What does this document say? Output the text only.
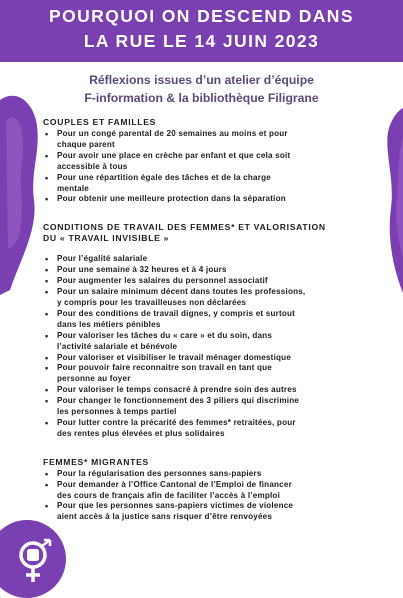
POURQUOI ON DESCEND DANS
LA RUE LE 14 JUIN 2023
Réflexions issues d’un atelier d’équipe
F-information & la bibliothèque Filigrane
COUPLES ET FAMILLES
• Pour un congé parental de 20 semaines au moins et pour
chaque parent
• Pour avoir une place en crèche par enfant et que cela soit
accessible à tous
• Pour une répartition égale des tâches et de la charge
mentale
• Pour obtenir une meilleure protection dans la séparation
CONDITIONS DE TRAVAIL DES FEMMES* ET VALORISATION
DU « TRAVAIL INVISIBLE »
• Pour l’égalité salariale
• Pour une semaine à 32 heures et à 4 jours
• Pour augmenter les salaires du personnel associatif
• Pour un salaire minimum décent dans toutes les professions,
y compris pour les travailleuses non déclarées
• Pour des conditions de travail dignes, y compris et surtout
dans les métiers pénibles
• Pour valoriser les tâches du « care » et du soin, dans
l’activité salariale et bénévole
• Pour valoriser et visibiliser le travail ménager domestique
• Pour pouvoir faire reconnaitre son travail en tant que
personne au foyer
• Pour valoriser le temps consacré à prendre soin des autres
• Pour changer le fonctionnement des 3 piliers qui discrimine
les personnes à temps partiel
• Pour lutter contre la précarité des femmes* retraitées, pour
des rentes plus élevées et plus solidaires
FEMMES* MIGRANTES
• Pour la régularisation des personnes sans-papiers
• Pour demander à l’Office Cantonal de l’Emploi de financer
des cours de français afin de faciliter l’accès à l’emploi
• Pour que les personnes sans-papiers victimes de violence
aient accès à la justice sans risquer d’être renvoyées
